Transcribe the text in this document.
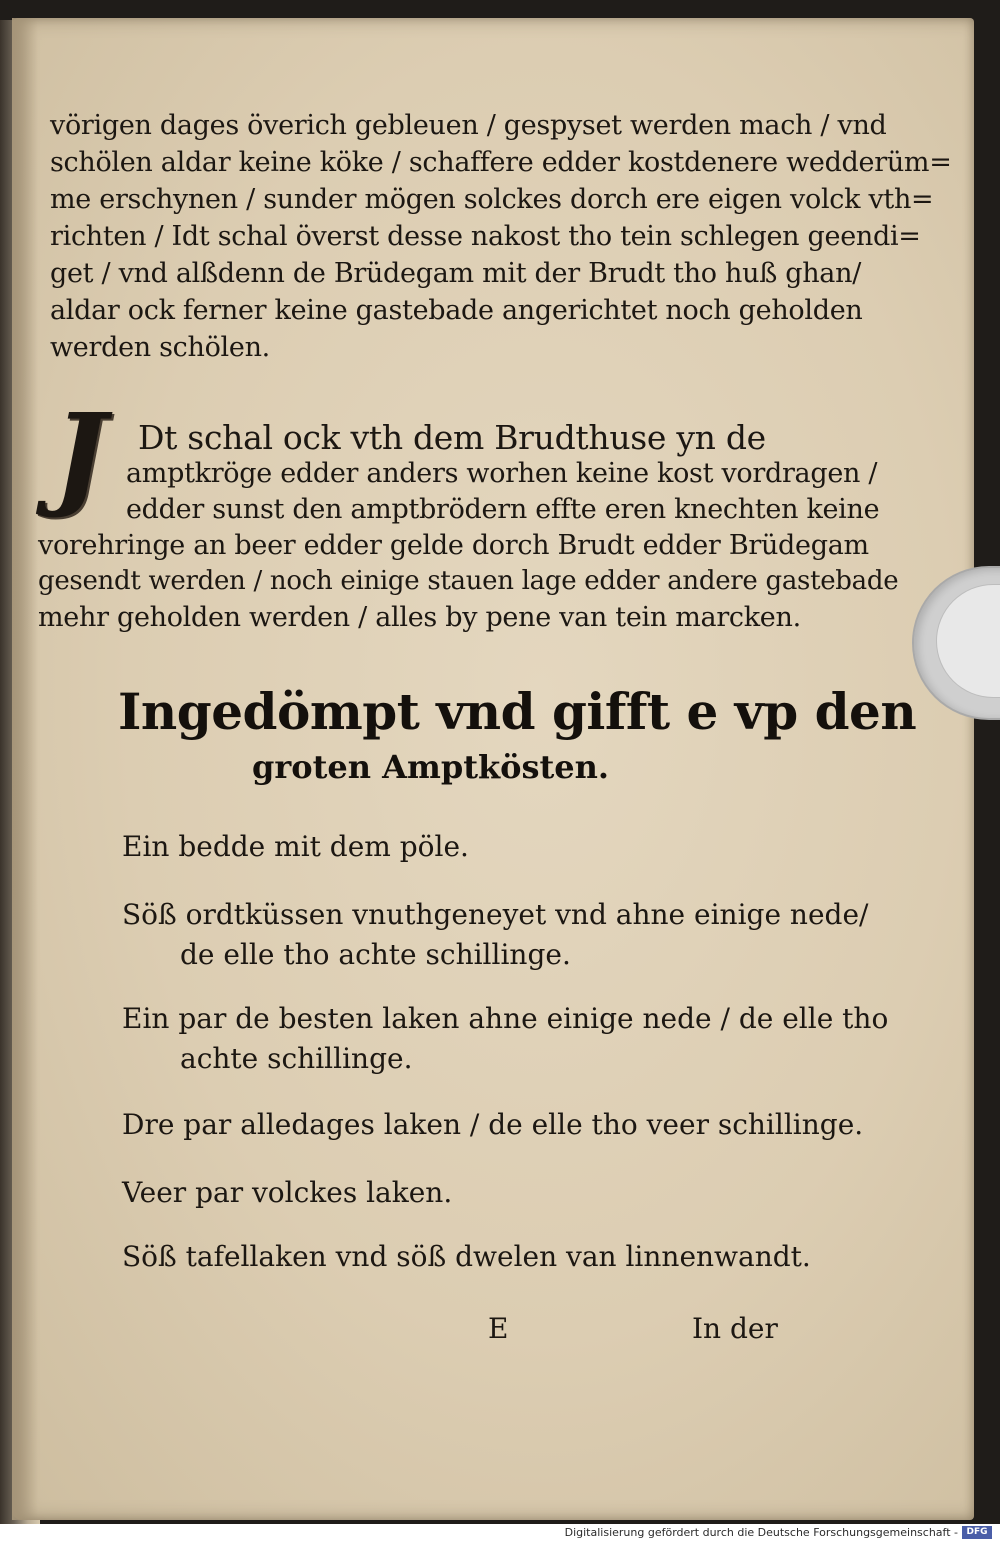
vörigen dages överich gebleuen / gespyset werden mach / vnd
schölen aldar keine köke / schaffere edder kostdenere wedderüm=
me erschynen / sunder mögen solckes dorch ere eigen volck vth=
richten / Idt schal överst desse nakost tho tein schlegen geendi=
get / vnd alßdenn de Brüdegam mit der Brudt tho huß ghan/
aldar ock ferner keine gastebade angerichtet noch geholden
werden schölen.
J Dt schal ock vth dem Brudthuse yn de
amptkröge edder anders worhen keine kost vordragen /
edder sunst den amptbrödern effte eren knechten keine
vorehringe an beer edder gelde dorch Brudt edder Brüdegam
gesendt werden / noch einige stauen lage edder andere gastebade
mehr geholden werden / alles by pene van tein marcken.
Ingedömpt vnd gifft e vp den
groten Amptkösten.
Ein bedde mit dem pöle.
Söß ordtküssen vnuthgeneyet vnd ahne einige nede/
de elle tho achte schillinge.
Ein par de besten laken ahne einige nede / de elle tho
achte schillinge.
Dre par alledages laken / de elle tho veer schillinge.
Veer par volckes laken.
Söß tafellaken vnd söß dwelen van linnenwandt.
E	In der
Digitalisierung gefördert durch die Deutsche Forschungsgemeinschaft - DFG
